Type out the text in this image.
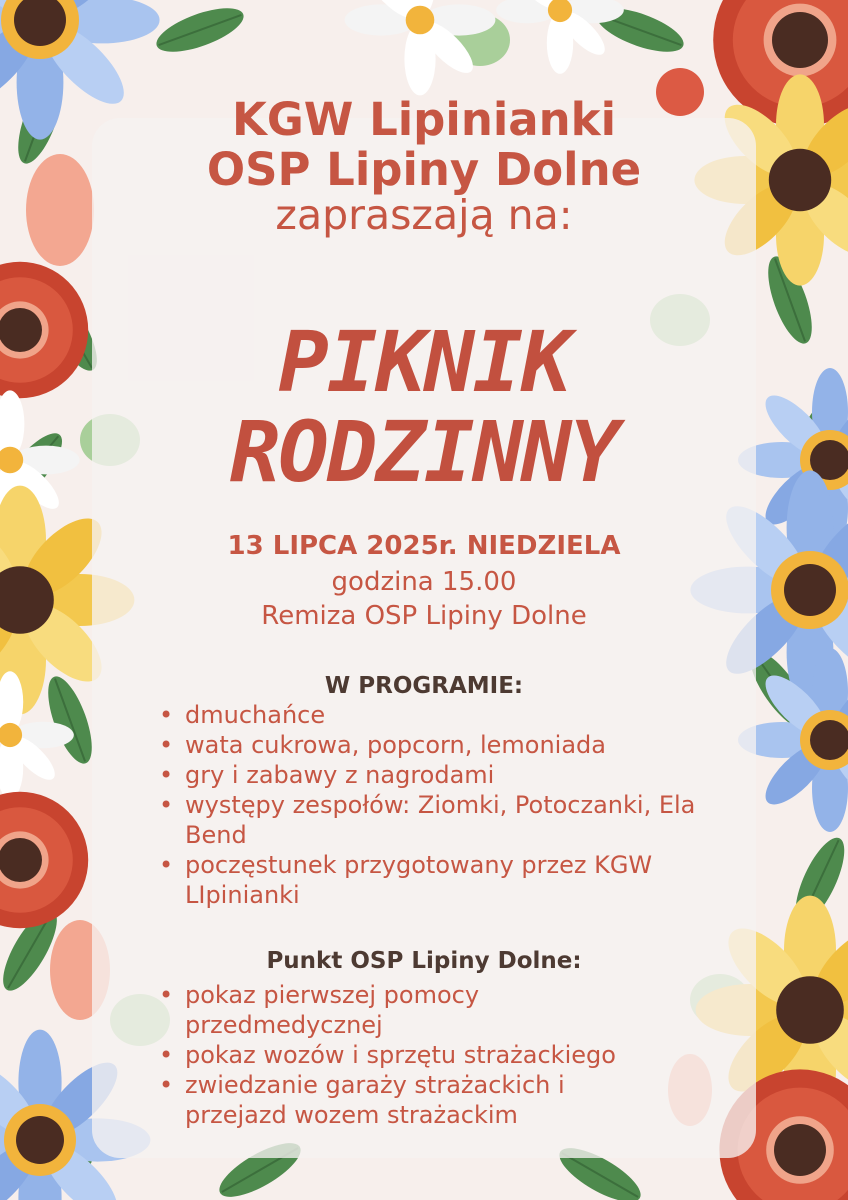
KGW Lipinianki
OSP Lipiny Dolne
zapraszają na:
PIKNIK
RODZINNY
13 LIPCA 2025r. NIEDZIELA
godzina 15.00
Remiza OSP Lipiny Dolne
W PROGRAMIE:
• dmuchańce
• wata cukrowa, popcorn, lemoniada
• gry i zabawy z nagrodami
• występy zespołów: Ziomki, Potoczanki, Ela Bend
• poczęstunek przygotowany przez KGW LIpinianki
Punkt OSP Lipiny Dolne:
• pokaz pierwszej pomocy przedmedycznej
• pokaz wozów i sprzętu strażackiego
• zwiedzanie garaży strażackich i przejazd wozem strażackim
